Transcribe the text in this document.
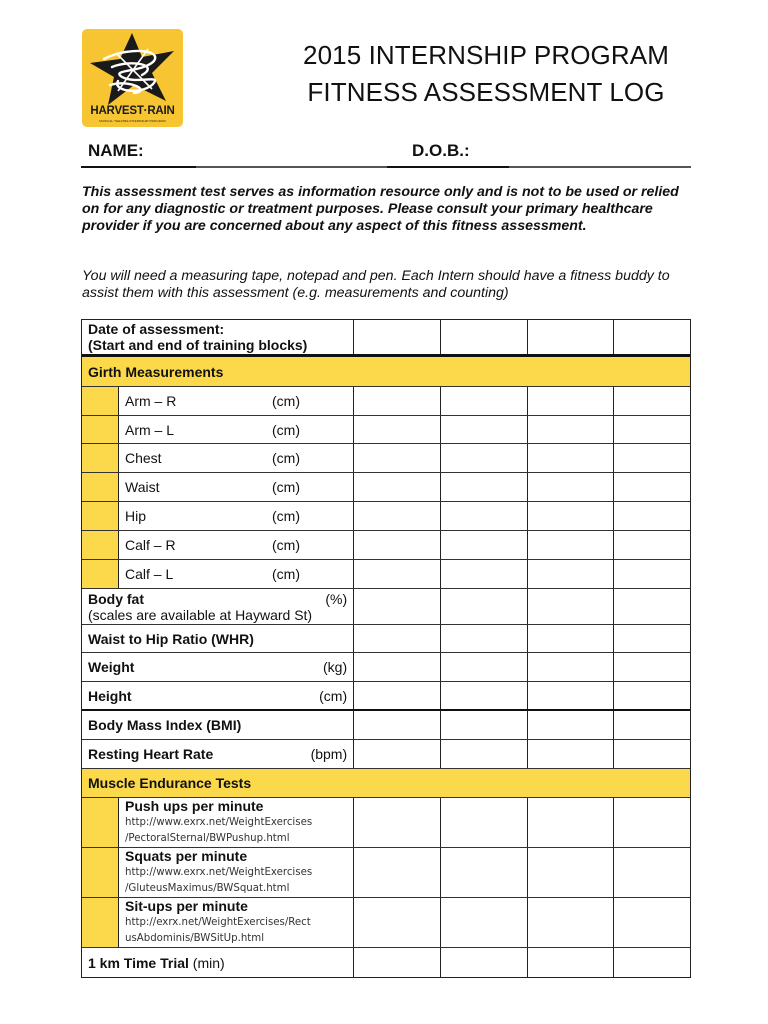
HARVEST·RAIN
MUSICAL THEATRE INTERNSHIP PROGRAM
2015 INTERNSHIP PROGRAM
FITNESS ASSESSMENT LOG
NAME:	D.O.B.:
This assessment test serves as information resource only and is not to be used or relied on for any diagnostic or treatment purposes. Please consult your primary healthcare provider if you are concerned about any aspect of this fitness assessment.
You will need a measuring tape, notepad and pen. Each Intern should have a fitness buddy to assist them with this assessment (e.g. measurements and counting)
Date of assessment:
(Start and end of training blocks)
Girth Measurements
Arm – R	(cm)
Arm – L	(cm)
Chest	(cm)
Waist	(cm)
Hip	(cm)
Calf – R	(cm)
Calf – L	(cm)
Body fat	(%)
(scales are available at Hayward St)
Waist to Hip Ratio (WHR)
Weight	(kg)
Height	(cm)
Body Mass Index (BMI)
Resting Heart Rate	(bpm)
Muscle Endurance Tests
Push ups per minute
http://www.exrx.net/WeightExercises
/PectoralSternal/BWPushup.html
Squats per minute
http://www.exrx.net/WeightExercises
/GluteusMaximus/BWSquat.html
Sit-ups per minute
http://exrx.net/WeightExercises/Rect
usAbdominis/BWSitUp.html
1 km Time Trial
(min)
